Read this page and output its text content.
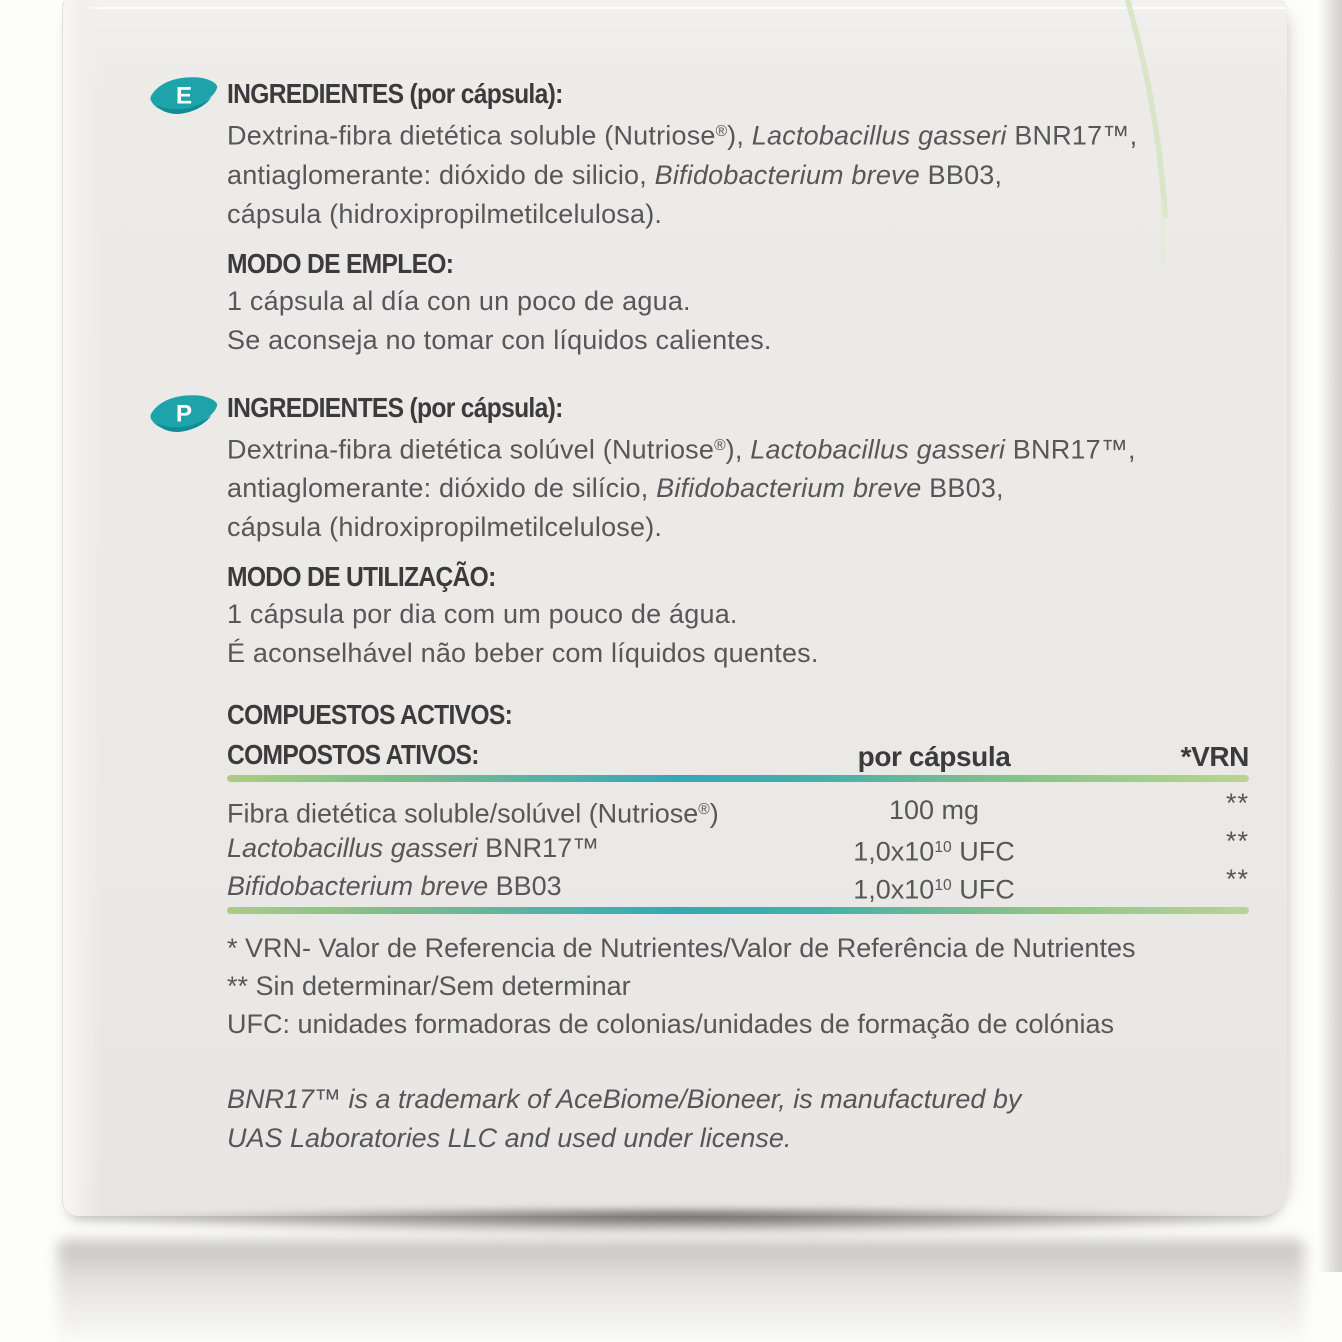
E INGREDIENTES (por cápsula):
Dextrina-fibra dietética soluble (Nutriose®), Lactobacillus gasseri BNR17™,
antiaglomerante: dióxido de silicio, Bifidobacterium breve BB03,
cápsula (hidroxipropilmetilcelulosa).
MODO DE EMPLEO:
1 cápsula al día con un poco de agua.
Se aconseja no tomar con líquidos calientes.
P INGREDIENTES (por cápsula):
Dextrina-fibra dietética solúvel (Nutriose®), Lactobacillus gasseri BNR17™,
antiaglomerante: dióxido de silício, Bifidobacterium breve BB03,
cápsula (hidroxipropilmetilcelulose).
MODO DE UTILIZAÇÃO:
1 cápsula por dia com um pouco de água.
É aconselhável não beber com líquidos quentes.
COMPUESTOS ACTIVOS:
COMPOSTOS ATIVOS:	por cápsula	*VRN
Fibra dietética soluble/solúvel (Nutriose®)	100 mg	**
Lactobacillus gasseri BNR17™	$1,0x10^{10}$ UFC	**
Bifidobacterium breve BB03	$1,0x10^{10}$ UFC	**
* VRN- Valor de Referencia de Nutrientes/Valor de Referência de Nutrientes
** Sin determinar/Sem determinar
UFC: unidades formadoras de colonias/unidades de formação de colónias
BNR17™ is a trademark of AceBiome/Bioneer, is manufactured by
UAS Laboratories LLC and used under license.
